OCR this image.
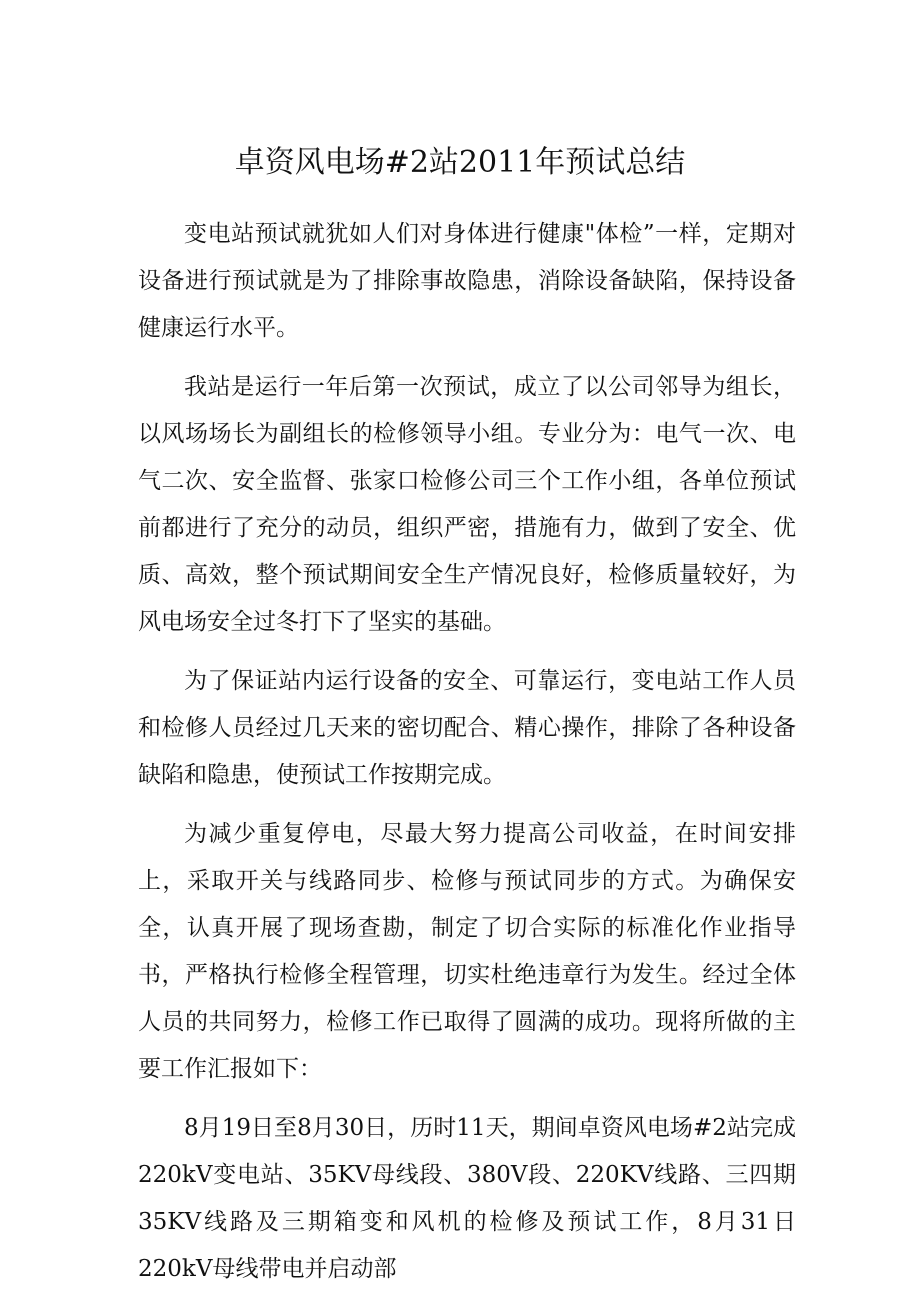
卓资风电场#2站2011年预试总结

变电站预试就犹如人们对身体进行健康"体检”一样，定期对设备进行预试就是为了排除事故隐患，消除设备缺陷，保持设备健康运行水平。

我站是运行一年后第一次预试，成立了以公司邻导为组长，以风场场长为副组长的检修领导小组。专业分为：电气一次、电气二次、安全监督、张家口检修公司三个工作小组，各单位预试前都进行了充分的动员，组织严密，措施有力，做到了安全、优质、高效，整个预试期间安全生产情况良好，检修质量较好，为风电场安全过冬打下了坚实的基础。

为了保证站内运行设备的安全、可靠运行，变电站工作人员和检修人员经过几天来的密切配合、精心操作，排除了各种设备缺陷和隐患，使预试工作按期完成。

为减少重复停电，尽最大努力提高公司收益，在时间安排上，采取开关与线路同步、检修与预试同步的方式。为确保安全，认真开展了现场查勘，制定了切合实际的标准化作业指导书，严格执行检修全程管理，切实杜绝违章行为发生。经过全体人员的共同努力，检修工作已取得了圆满的成功。现将所做的主要工作汇报如下：

8月19日至8月30日，历时11天，期间卓资风电场#2站完成220kV变电站、35KV母线段、380V段、220KV线路、三四期35KV线路及三期箱变和风机的检修及预试工作，8月31日220kV母线带电并启动部
